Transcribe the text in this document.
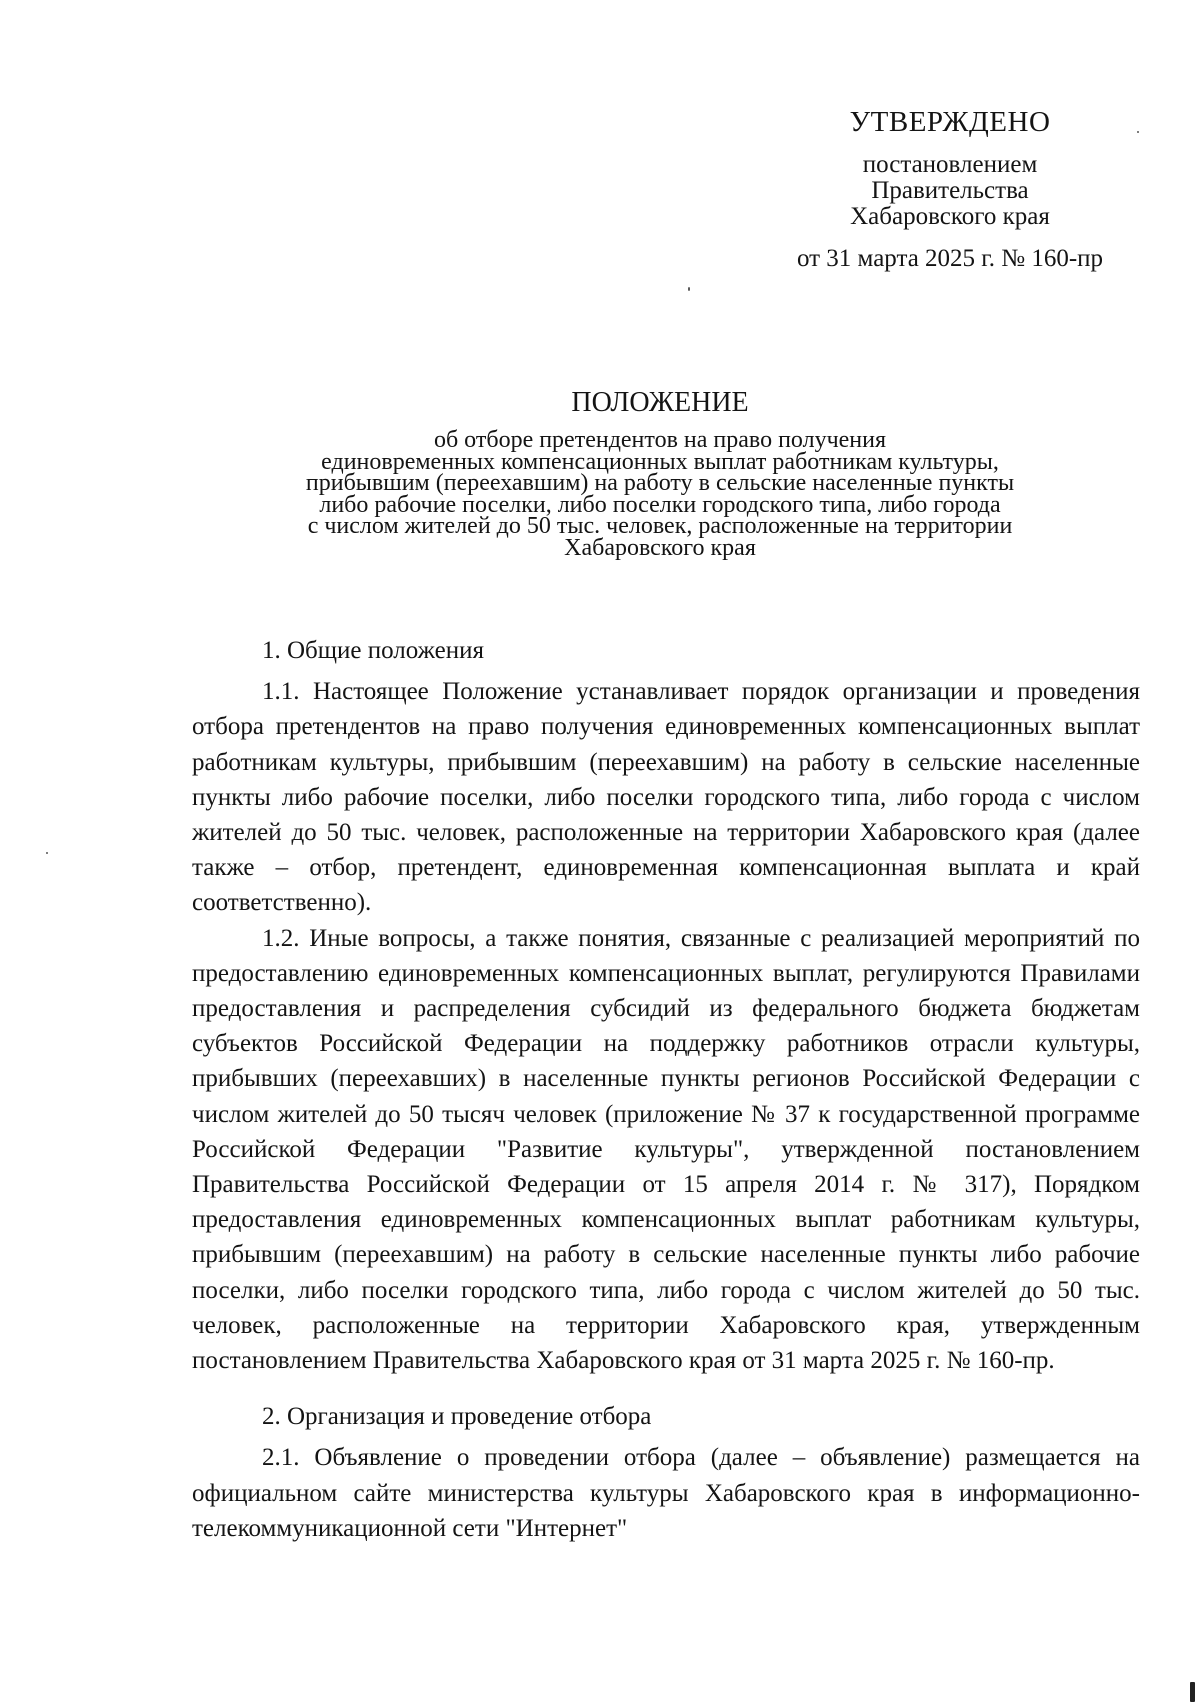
УТВЕРЖДЕНО
постановлением
Правительства
Хабаровского края
от 31 марта 2025 г. № 160-пр
ПОЛОЖЕНИЕ
об отборе претендентов на право получения
единовременных компенсационных выплат работникам культуры,
прибывшим (переехавшим) на работу в сельские населенные пункты
либо рабочие поселки, либо поселки городского типа, либо города
с числом жителей до 50 тыс. человек, расположенные на территории
Хабаровского края

1. Общие положения

1.1. Настоящее Положение устанавливает порядок организации и проведения отбора претендентов на право получения единовременных компенсационных выплат работникам культуры, прибывшим (переехавшим) на работу в сельские населенные пункты либо рабочие поселки, либо поселки городского типа, либо города с числом жителей до 50 тыс. человек, расположенные на территории Хабаровского края (далее также – отбор, претендент, единовременная компенсационная выплата и край соответственно).

1.2. Иные вопросы, а также понятия, связанные с реализацией мероприятий по предоставлению единовременных компенсационных выплат, регулируются Правилами предоставления и распределения субсидий из федерального бюджета бюджетам субъектов Российской Федерации на поддержку работников отрасли культуры, прибывших (переехавших) в населенные пункты регионов Российской Федерации с числом жителей до 50 тысяч человек (приложение № 37 к государственной программе Российской Федерации "Развитие культуры", утвержденной постановлением Правительства Российской Федерации от 15 апреля 2014 г. № 317), Порядком предоставления единовременных компенсационных выплат работникам культуры, прибывшим (переехавшим) на работу в сельские населенные пункты либо рабочие поселки, либо поселки городского типа, либо города с числом жителей до 50 тыс. человек, расположенные на территории Хабаровского края, утвержденным постановлением Правительства Хабаровского края от 31 марта 2025 г. № 160-пр.

2. Организация и проведение отбора

2.1. Объявление о проведении отбора (далее – объявление) размещается на официальном сайте министерства культуры Хабаровского края в информационно-телекоммуникационной сети "Интернет"
